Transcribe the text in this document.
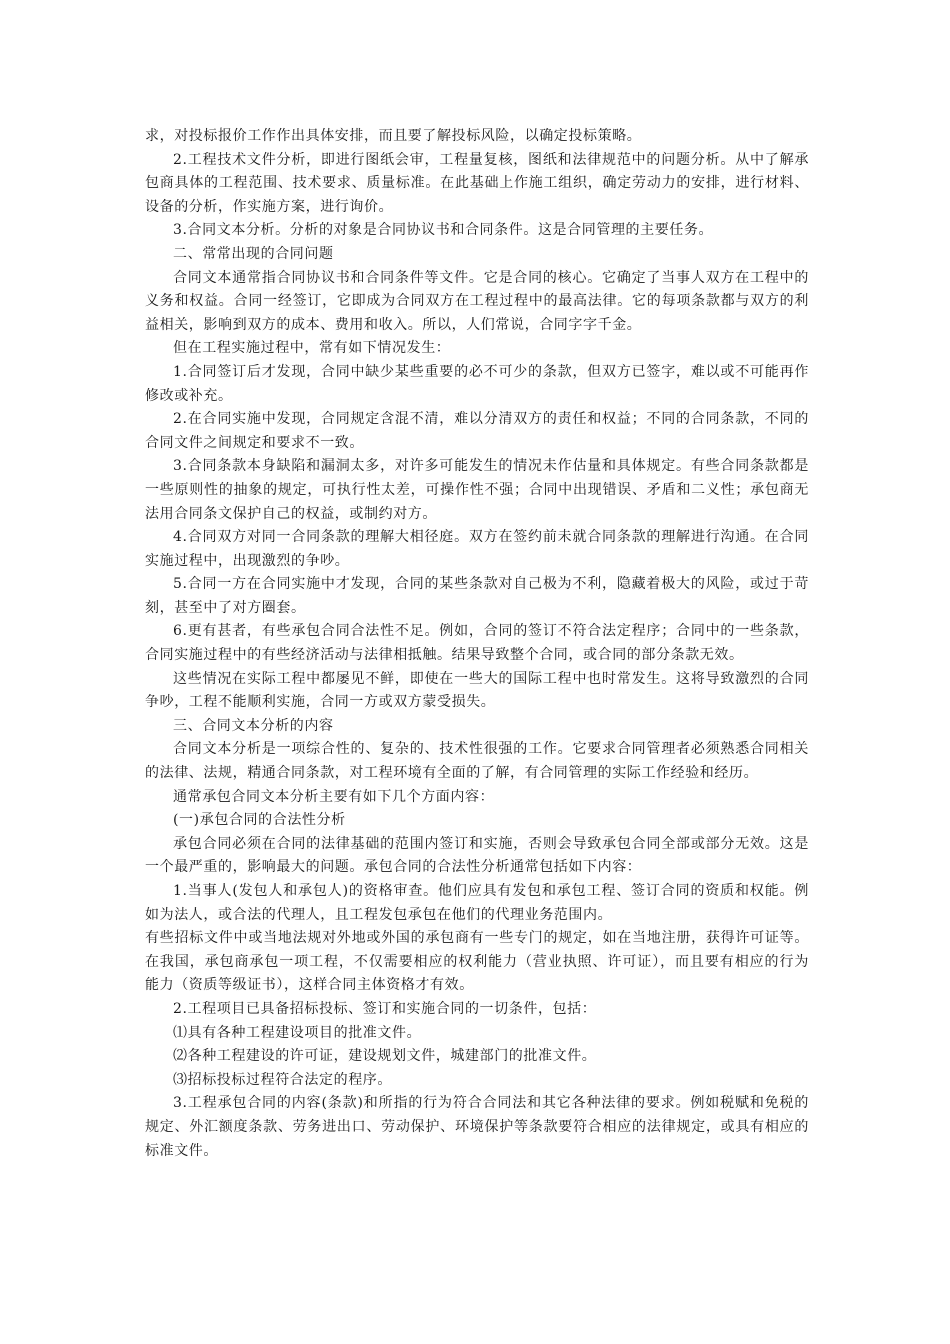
求，对投标报价工作作出具体安排，而且要了解投标风险，以确定投标策略。

2.工程技术文件分析，即进行图纸会审，工程量复核，图纸和法律规范中的问题分析。从中了解承包商具体的工程范围、技术要求、质量标准。在此基础上作施工组织，确定劳动力的安排，进行材料、设备的分析，作实施方案，进行询价。

3.合同文本分析。分析的对象是合同协议书和合同条件。这是合同管理的主要任务。

二、常常出现的合同问题

合同文本通常指合同协议书和合同条件等文件。它是合同的核心。它确定了当事人双方在工程中的义务和权益。合同一经签订，它即成为合同双方在工程过程中的最高法律。它的每项条款都与双方的利益相关，影响到双方的成本、费用和收入。所以，人们常说，合同字字千金。

但在工程实施过程中，常有如下情况发生：

1.合同签订后才发现，合同中缺少某些重要的必不可少的条款，但双方已签字，难以或不可能再作修改或补充。

2.在合同实施中发现，合同规定含混不清，难以分清双方的责任和权益；不同的合同条款，不同的合同文件之间规定和要求不一致。

3.合同条款本身缺陷和漏洞太多，对许多可能发生的情况未作估量和具体规定。有些合同条款都是一些原则性的抽象的规定，可执行性太差，可操作性不强；合同中出现错误、矛盾和二义性；承包商无法用合同条文保护自己的权益，或制约对方。

4.合同双方对同一合同条款的理解大相径庭。双方在签约前未就合同条款的理解进行沟通。在合同实施过程中，出现激烈的争吵。

5.合同一方在合同实施中才发现，合同的某些条款对自己极为不利，隐藏着极大的风险，或过于苛刻，甚至中了对方圈套。

6.更有甚者，有些承包合同合法性不足。例如，合同的签订不符合法定程序；合同中的一些条款，合同实施过程中的有些经济活动与法律相抵触。结果导致整个合同，或合同的部分条款无效。

这些情况在实际工程中都屡见不鲜，即使在一些大的国际工程中也时常发生。这将导致激烈的合同争吵，工程不能顺利实施，合同一方或双方蒙受损失。

三、合同文本分析的内容

合同文本分析是一项综合性的、复杂的、技术性很强的工作。它要求合同管理者必须熟悉合同相关的法律、法规，精通合同条款，对工程环境有全面的了解，有合同管理的实际工作经验和经历。

通常承包合同文本分析主要有如下几个方面内容：

(一)承包合同的合法性分析

承包合同必须在合同的法律基础的范围内签订和实施，否则会导致承包合同全部或部分无效。这是一个最严重的，影响最大的问题。承包合同的合法性分析通常包括如下内容：

1.当事人(发包人和承包人)的资格审查。他们应具有发包和承包工程、签订合同的资质和权能。例如为法人，或合法的代理人，且工程发包承包在他们的代理业务范围内。

有些招标文件中或当地法规对外地或外国的承包商有一些专门的规定，如在当地注册，获得许可证等。在我国，承包商承包一项工程，不仅需要相应的权利能力（营业执照、许可证），而且要有相应的行为能力（资质等级证书），这样合同主体资格才有效。

2.工程项目已具备招标投标、签订和实施合同的一切条件，包括：

⑴具有各种工程建设项目的批准文件。

⑵各种工程建设的许可证，建设规划文件，城建部门的批准文件。

⑶招标投标过程符合法定的程序。

3.工程承包合同的内容(条款)和所指的行为符合合同法和其它各种法律的要求。例如税赋和免税的规定、外汇额度条款、劳务进出口、劳动保护、环境保护等条款要符合相应的法律规定，或具有相应的标准文件。
